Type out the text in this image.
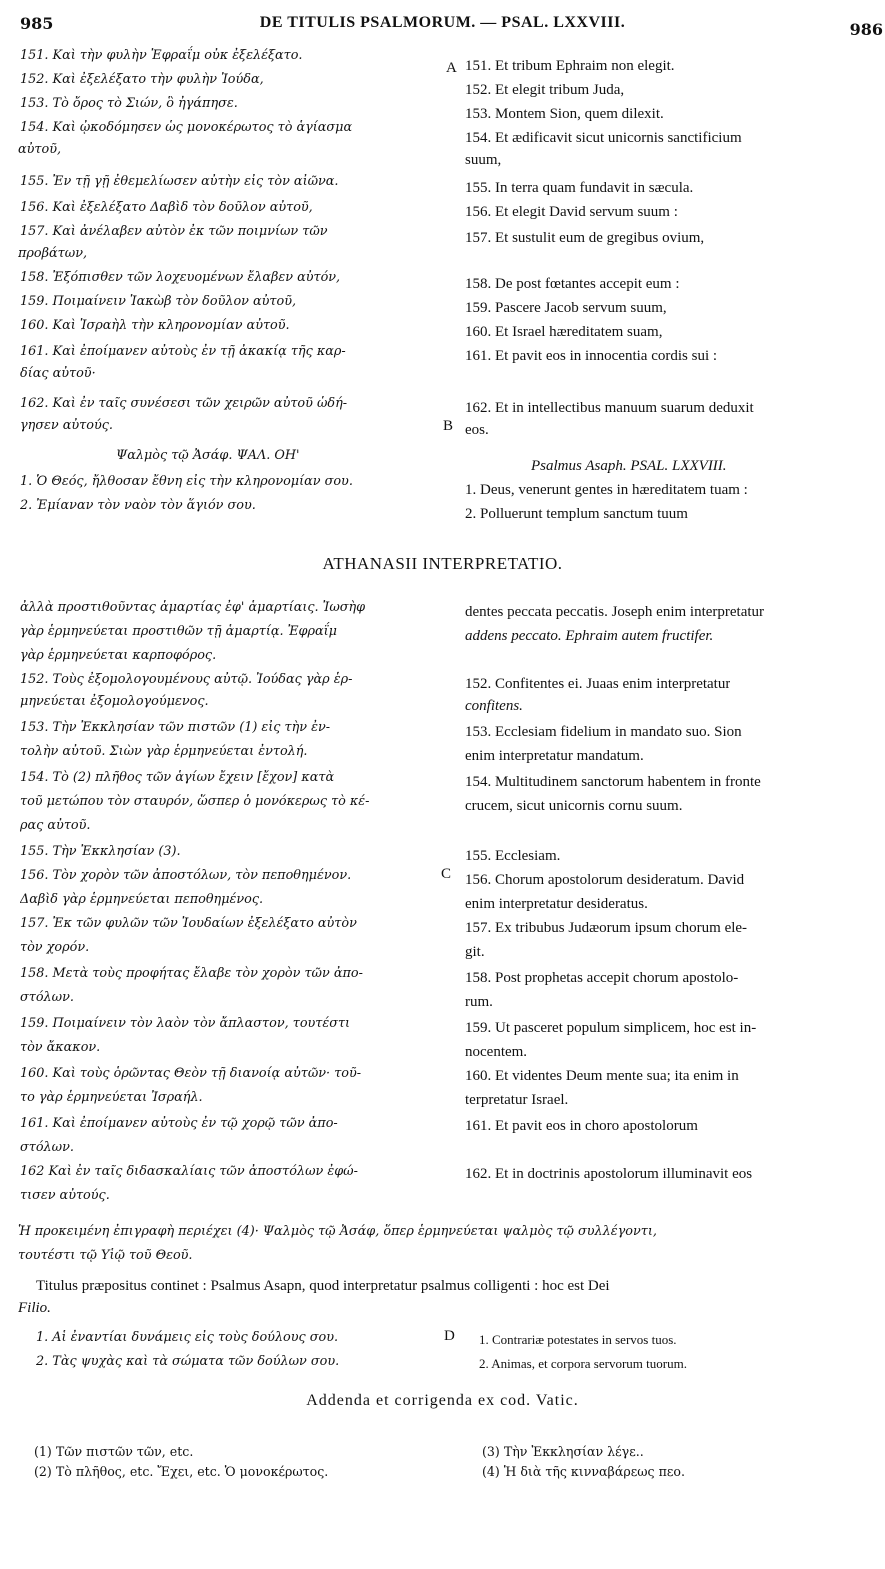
985	DE TITULIS PSALMORUM. — PSAL. LXXVIII.	986
A
B
C
D
151. Καὶ τὴν φυλὴν Ἐφραΐμ οὐκ ἐξελέξατο.
152. Καὶ ἐξελέξατο τὴν φυλὴν Ἰούδα,
153. Τὸ ὄρος τὸ Σιών, ὃ ἠγάπησε.
154. Καὶ ᾠκοδόμησεν ὡς μονοκέρωτος τὸ ἁγίασμα
αὐτοῦ,
155. Ἐν τῇ γῇ ἐθεμελίωσεν αὐτὴν εἰς τὸν αἰῶνα.
156. Καὶ ἐξελέξατο Δαβὶδ τὸν δοῦλον αὐτοῦ,
157. Καὶ ἀνέλαβεν αὐτὸν ἐκ τῶν ποιμνίων τῶν
προβάτων,
158. Ἐξόπισθεν τῶν λοχευομένων ἔλαβεν αὐτόν,
159. Ποιμαίνειν Ἰακὼβ τὸν δοῦλον αὐτοῦ,
160. Καὶ Ἰσραὴλ τὴν κληρονομίαν αὐτοῦ.
161. Καὶ ἐποίμανεν αὐτοὺς ἐν τῇ ἀκακίᾳ τῆς καρ-
δίας αὐτοῦ·
162. Καὶ ἐν ταῖς συνέσεσι τῶν χειρῶν αὐτοῦ ὡδή-
γησεν αὐτούς.
Ψαλμὸς τῷ Ἀσάφ. ΨΑΛ. ΟΗ'
1. Ὁ Θεός, ἤλθοσαν ἔθνη εἰς τὴν κληρονομίαν σου.
2. Ἐμίαναν τὸν ναὸν τὸν ἅγιόν σου.
151. Et tribum Ephraim non elegit.
152. Et elegit tribum Juda,
153. Montem Sion, quem dilexit.
154. Et ædificavit sicut unicornis sanctificium
suum,
155. In terra quam fundavit in sæcula.
156. Et elegit David servum suum :
157. Et sustulit eum de gregibus ovium,
158. De post fœtantes accepit eum :
159. Pascere Jacob servum suum,
160. Et Israel hæreditatem suam,
161. Et pavit eos in innocentia cordis sui :
162. Et in intellectibus manuum suarum deduxit
eos.
Psalmus Asaph. PSAL. LXXVIII.
1. Deus, venerunt gentes in hæreditatem tuam :
2. Polluerunt templum sanctum tuum
ATHANASII INTERPRETATIO.
ἀλλὰ προστιθοῦντας ἁμαρτίας ἐφ' ἁμαρτίαις. Ἰωσὴφ
γὰρ ἑρμηνεύεται προστιθῶν τῇ ἁμαρτίᾳ. Ἐφραΐμ
γὰρ ἑρμηνεύεται καρποφόρος.
152. Τοὺς ἐξομολογουμένους αὐτῷ. Ἰούδας γὰρ ἑρ-
μηνεύεται ἐξομολογούμενος.
153. Τὴν Ἐκκλησίαν τῶν πιστῶν (1) εἰς τὴν ἐν-
τολὴν αὐτοῦ. Σιὼν γὰρ ἑρμηνεύεται ἐντολή.
154. Τὸ (2) πλῆθος τῶν ἁγίων ἔχειν [ἔχον] κατὰ
τοῦ μετώπου τὸν σταυρόν, ὥσπερ ὁ μονόκερως τὸ κέ-
ρας αὐτοῦ.
155. Τὴν Ἐκκλησίαν (3).
156. Τὸν χορὸν τῶν ἀποστόλων, τὸν πεποθημένον.
Δαβὶδ γὰρ ἑρμηνεύεται πεποθημένος.
157. Ἐκ τῶν φυλῶν τῶν Ἰουδαίων ἐξελέξατο αὐτὸν
τὸν χορόν.
158. Μετὰ τοὺς προφήτας ἔλαβε τὸν χορὸν τῶν ἀπο-
στόλων.
159. Ποιμαίνειν τὸν λαὸν τὸν ἄπλαστον, τουτέστι
τὸν ἄκακον.
160. Καὶ τοὺς ὁρῶντας Θεὸν τῇ διανοίᾳ αὐτῶν· τοῦ-
το γὰρ ἑρμηνεύεται Ἰσραήλ.
161. Καὶ ἐποίμανεν αὐτοὺς ἐν τῷ χορῷ τῶν ἀπο-
στόλων.
162 Καὶ ἐν ταῖς διδασκαλίαις τῶν ἀποστόλων ἐφώ-
τισεν αὐτούς.
dentes peccata peccatis. Joseph enim interpretatur
addens peccato. Ephraim autem fructifer.
152. Confitentes ei. Juaas enim interpretatur
confitens.
153. Ecclesiam fidelium in mandato suo. Sion
enim interpretatur mandatum.
154. Multitudinem sanctorum habentem in fronte
crucem, sicut unicornis cornu suum.
155. Ecclesiam.
156. Chorum apostolorum desideratum. David
enim interpretatur desideratus.
157. Ex tribubus Judæorum ipsum chorum ele-
git.
158. Post prophetas accepit chorum apostolo-
rum.
159. Ut pasceret populum simplicem, hoc est in-
nocentem.
160. Et videntes Deum mente sua; ita enim in
terpretatur Israel.
161. Et pavit eos in choro apostolorum
162. Et in doctrinis apostolorum illuminavit eos
Ἡ προκειμένη ἐπιγραφὴ περιέχει (4)· Ψαλμὸς τῷ Ἀσάφ, ὅπερ ἑρμηνεύεται ψαλμὸς τῷ συλλέγοντι,
τουτέστι τῷ Υἱῷ τοῦ Θεοῦ.
Titulus præpositus continet : Psalmus Asapn, quod interpretatur psalmus colligenti : hoc est Dei
Filio.
1. Αἱ ἐναντίαι δυνάμεις εἰς τοὺς δούλους σου.
2. Τὰς ψυχὰς καὶ τὰ σώματα τῶν δούλων σου.
1. Contrariæ potestates in servos tuos.
2. Animas, et corpora servorum tuorum.
Addenda et corrigenda ex cod. Vatic.
(1) Τῶν πιστῶν τῶν, etc.
(2) Τὸ πλῆθος, etc. Ἔχει, etc. Ὁ μονοκέρωτος.
(3) Τὴν Ἐκκλησίαν λέγε..
(4) Ἡ διὰ τῆς κινναβάρεως πεο.
